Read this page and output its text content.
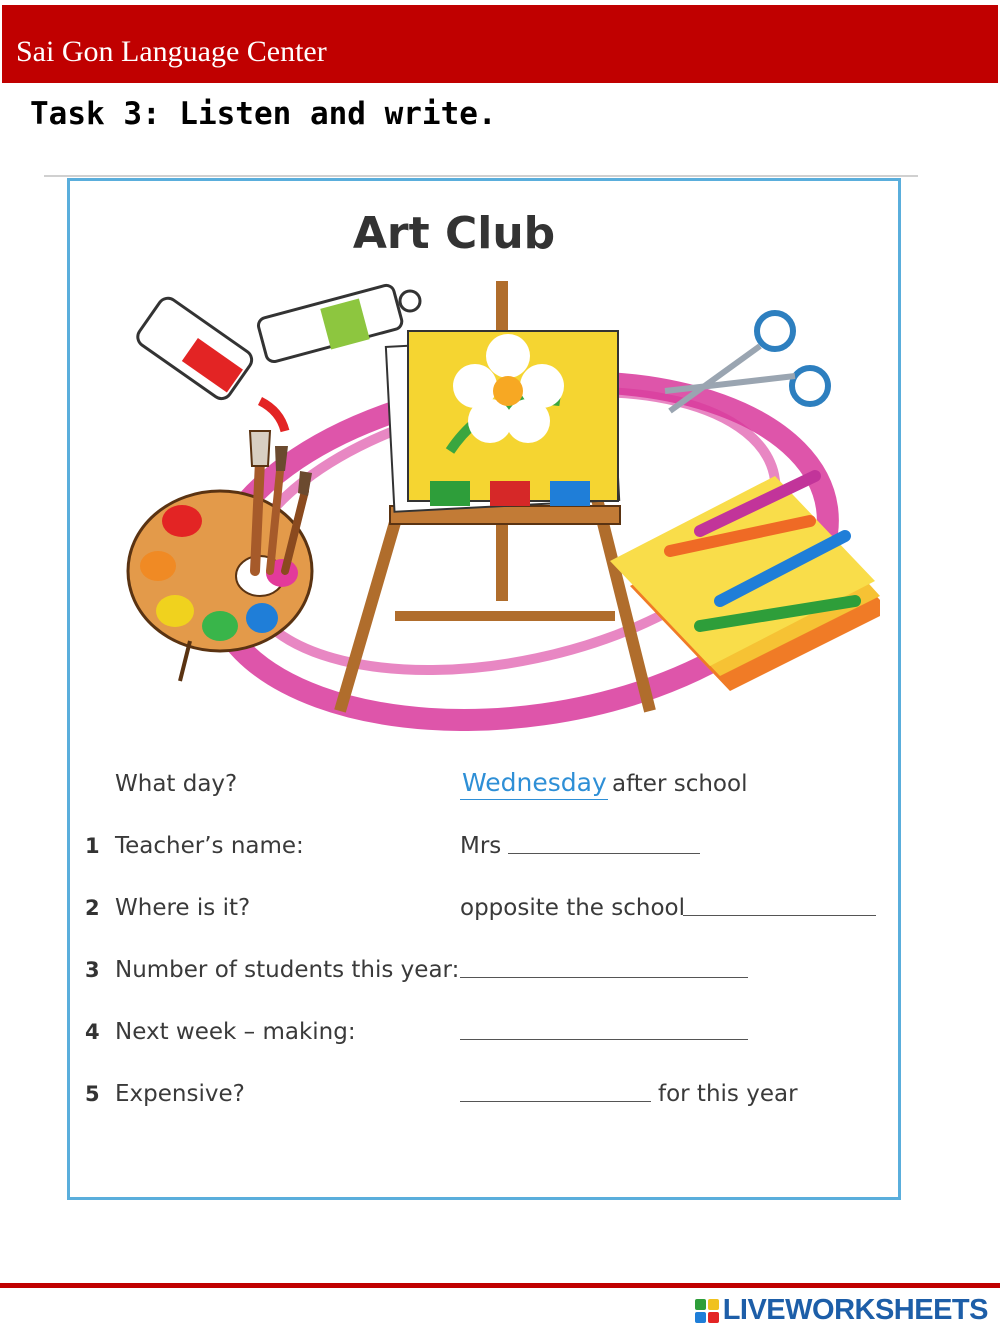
Sai Gon Language Center
Task 3: Listen and write.
Art Club
What day?	Wednesday after school
1 Teacher’s name:	Mrs
2 Where is it?	opposite the school
3 Number of students this year:
4 Next week – making:
5 Expensive?	for this year
LIVEWORKSHEETS
